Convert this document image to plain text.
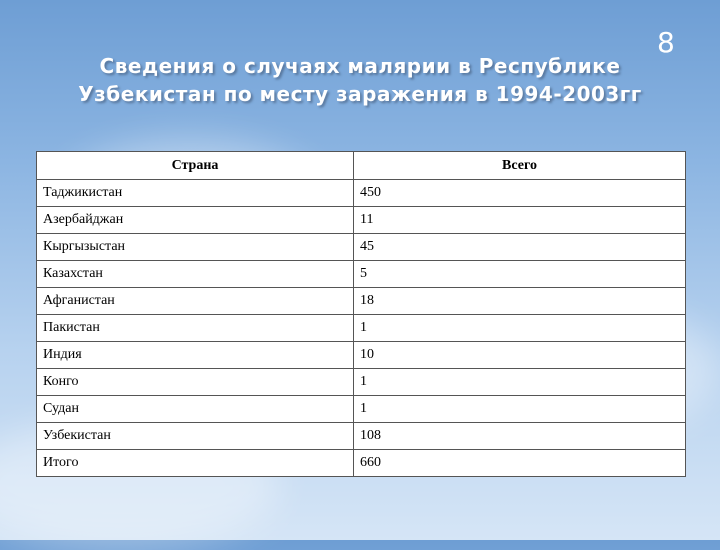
8
Сведения о случаях малярии в Республике
Узбекистан по месту заражения в 1994-2003гг
Страна	Всего
Таджикистан	450
Азербайджан	11
Кыргызыстан	45
Казахстан	5
Афганистан	18
Пакистан	1
Индия	10
Конго	1
Судан	1
Узбекистан	108
Итого	660
